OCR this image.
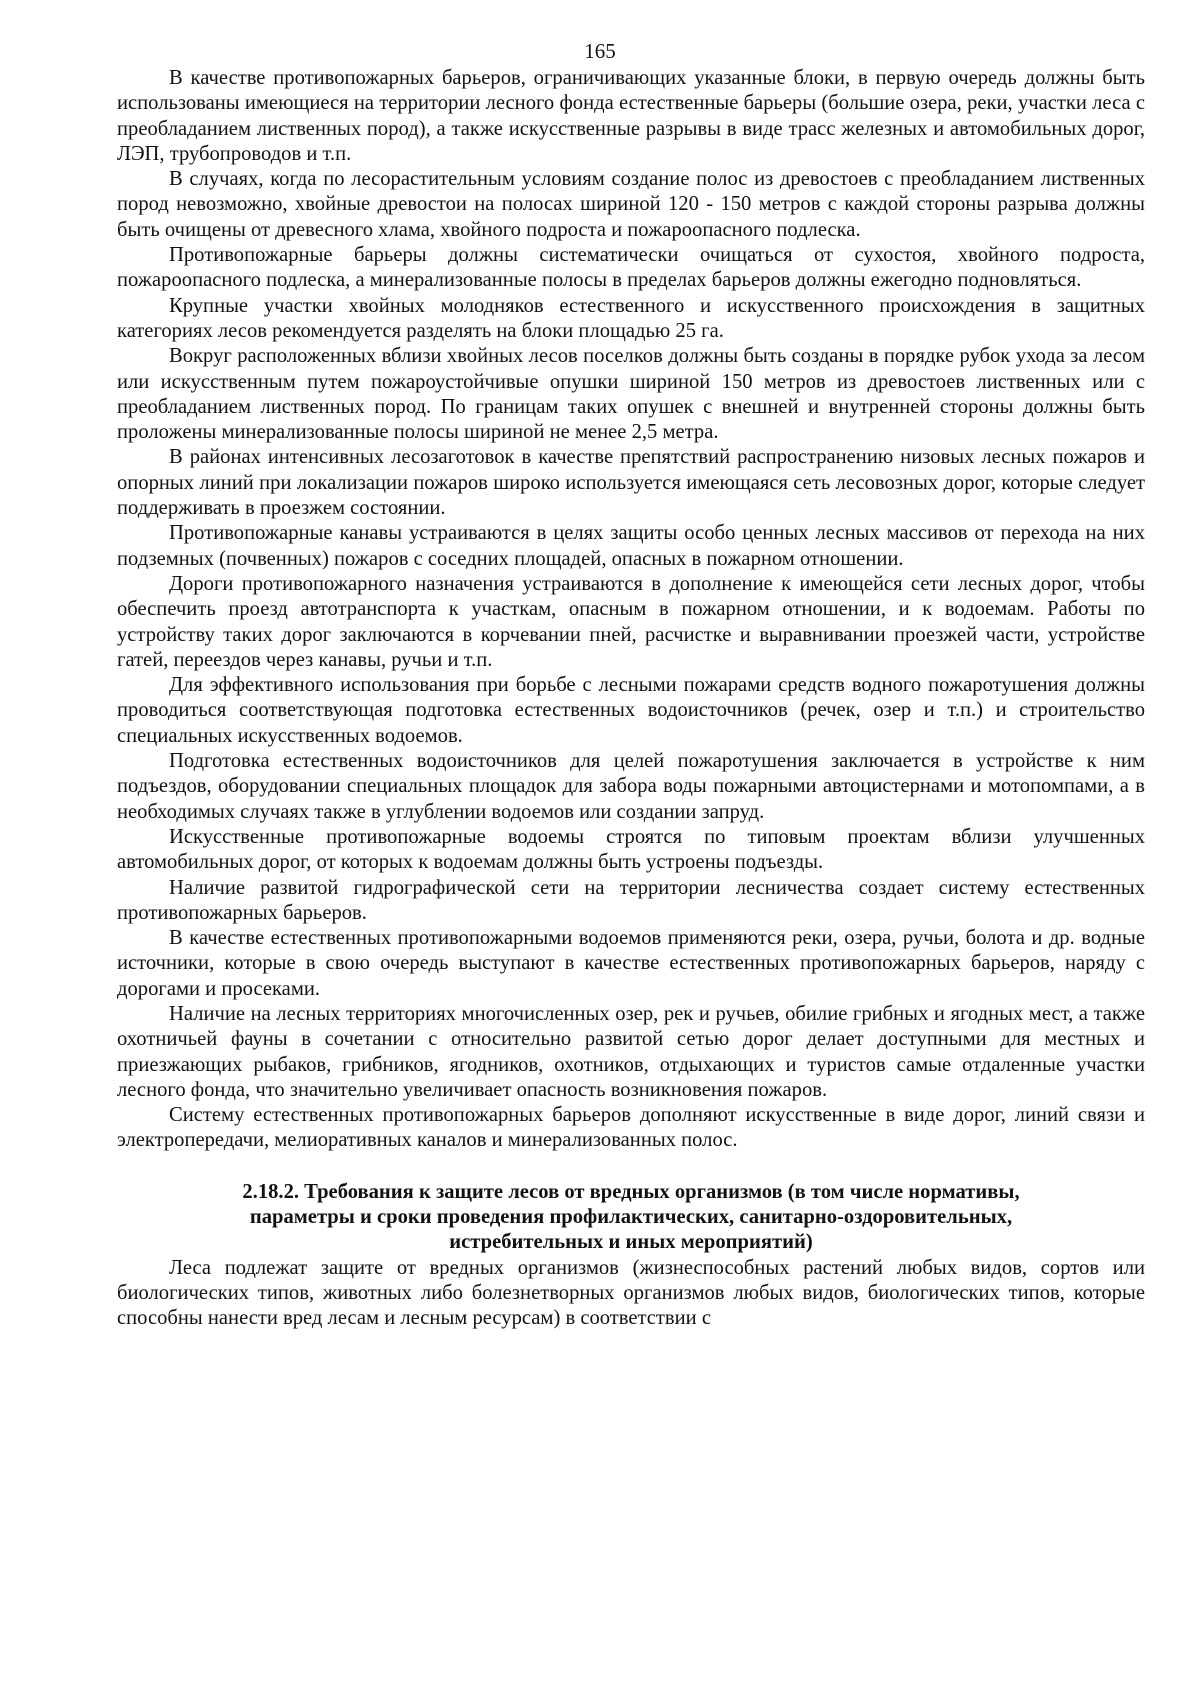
165

В качестве противопожарных барьеров, ограничивающих указанные блоки, в первую очередь должны быть использованы имеющиеся на территории лесного фонда естественные барьеры (большие озера, реки, участки леса с преобладанием лиственных пород), а также искусственные разрывы в виде трасс железных и автомобильных дорог, ЛЭП, трубопроводов и т.п.

В случаях, когда по лесорастительным условиям создание полос из древостоев с преобладанием лиственных пород невозможно, хвойные древостои на полосах шириной 120 - 150 метров с каждой стороны разрыва должны быть очищены от древесного хлама, хвойного подроста и пожароопасного подлеска.

Противопожарные барьеры должны систематически очищаться от сухостоя, хвойного подроста, пожароопасного подлеска, а минерализованные полосы в пределах барьеров должны ежегодно подновляться.

Крупные участки хвойных молодняков естественного и искусственного происхождения в защитных категориях лесов рекомендуется разделять на блоки площадью 25 га.

Вокруг расположенных вблизи хвойных лесов поселков должны быть созданы в порядке рубок ухода за лесом или искусственным путем пожароустойчивые опушки шириной 150 метров из древостоев лиственных или с преобладанием лиственных пород. По границам таких опушек с внешней и внутренней стороны должны быть проложены минерализованные полосы шириной не менее 2,5 метра.

В районах интенсивных лесозаготовок в качестве препятствий распространению низовых лесных пожаров и опорных линий при локализации пожаров широко используется имеющаяся сеть лесовозных дорог, которые следует поддерживать в проезжем состоянии.

Противопожарные канавы устраиваются в целях защиты особо ценных лесных массивов от перехода на них подземных (почвенных) пожаров с соседних площадей, опасных в пожарном отношении.

Дороги противопожарного назначения устраиваются в дополнение к имеющейся сети лесных дорог, чтобы обеспечить проезд автотранспорта к участкам, опасным в пожарном отношении, и к водоемам. Работы по устройству таких дорог заключаются в корчевании пней, расчистке и выравнивании проезжей части, устройстве гатей, переездов через канавы, ручьи и т.п.

Для эффективного использования при борьбе с лесными пожарами средств водного пожаротушения должны проводиться соответствующая подготовка естественных водоисточников (речек, озер и т.п.) и строительство специальных искусственных водоемов.

Подготовка естественных водоисточников для целей пожаротушения заключается в устройстве к ним подъездов, оборудовании специальных площадок для забора воды пожарными автоцистернами и мотопомпами, а в необходимых случаях также в углублении водоемов или создании запруд.

Искусственные противопожарные водоемы строятся по типовым проектам вблизи улучшенных автомобильных дорог, от которых к водоемам должны быть устроены подъезды.

Наличие развитой гидрографической сети на территории лесничества создает систему естественных противопожарных барьеров.

В качестве естественных противопожарными водоемов применяются реки, озера, ручьи, болота и др. водные источники, которые в свою очередь выступают в качестве естественных противопожарных барьеров, наряду с дорогами и просеками.

Наличие на лесных территориях многочисленных озер, рек и ручьев, обилие грибных и ягодных мест, а также охотничьей фауны в сочетании с относительно развитой сетью дорог делает доступными для местных и приезжающих рыбаков, грибников, ягодников, охотников, отдыхающих и туристов самые отдаленные участки лесного фонда, что значительно увеличивает опасность возникновения пожаров.

Систему естественных противопожарных барьеров дополняют искусственные в виде дорог, линий связи и электропередачи, мелиоративных каналов и минерализованных полос.

2.18.2. Требования к защите лесов от вредных организмов (в том числе нормативы,
параметры и сроки проведения профилактических, санитарно-оздоровительных,
истребительных и иных мероприятий)

Леса подлежат защите от вредных организмов (жизнеспособных растений любых видов, сортов или биологических типов, животных либо болезнетворных организмов любых видов, биологических типов, которые способны нанести вред лесам и лесным ресурсам) в соответствии с
